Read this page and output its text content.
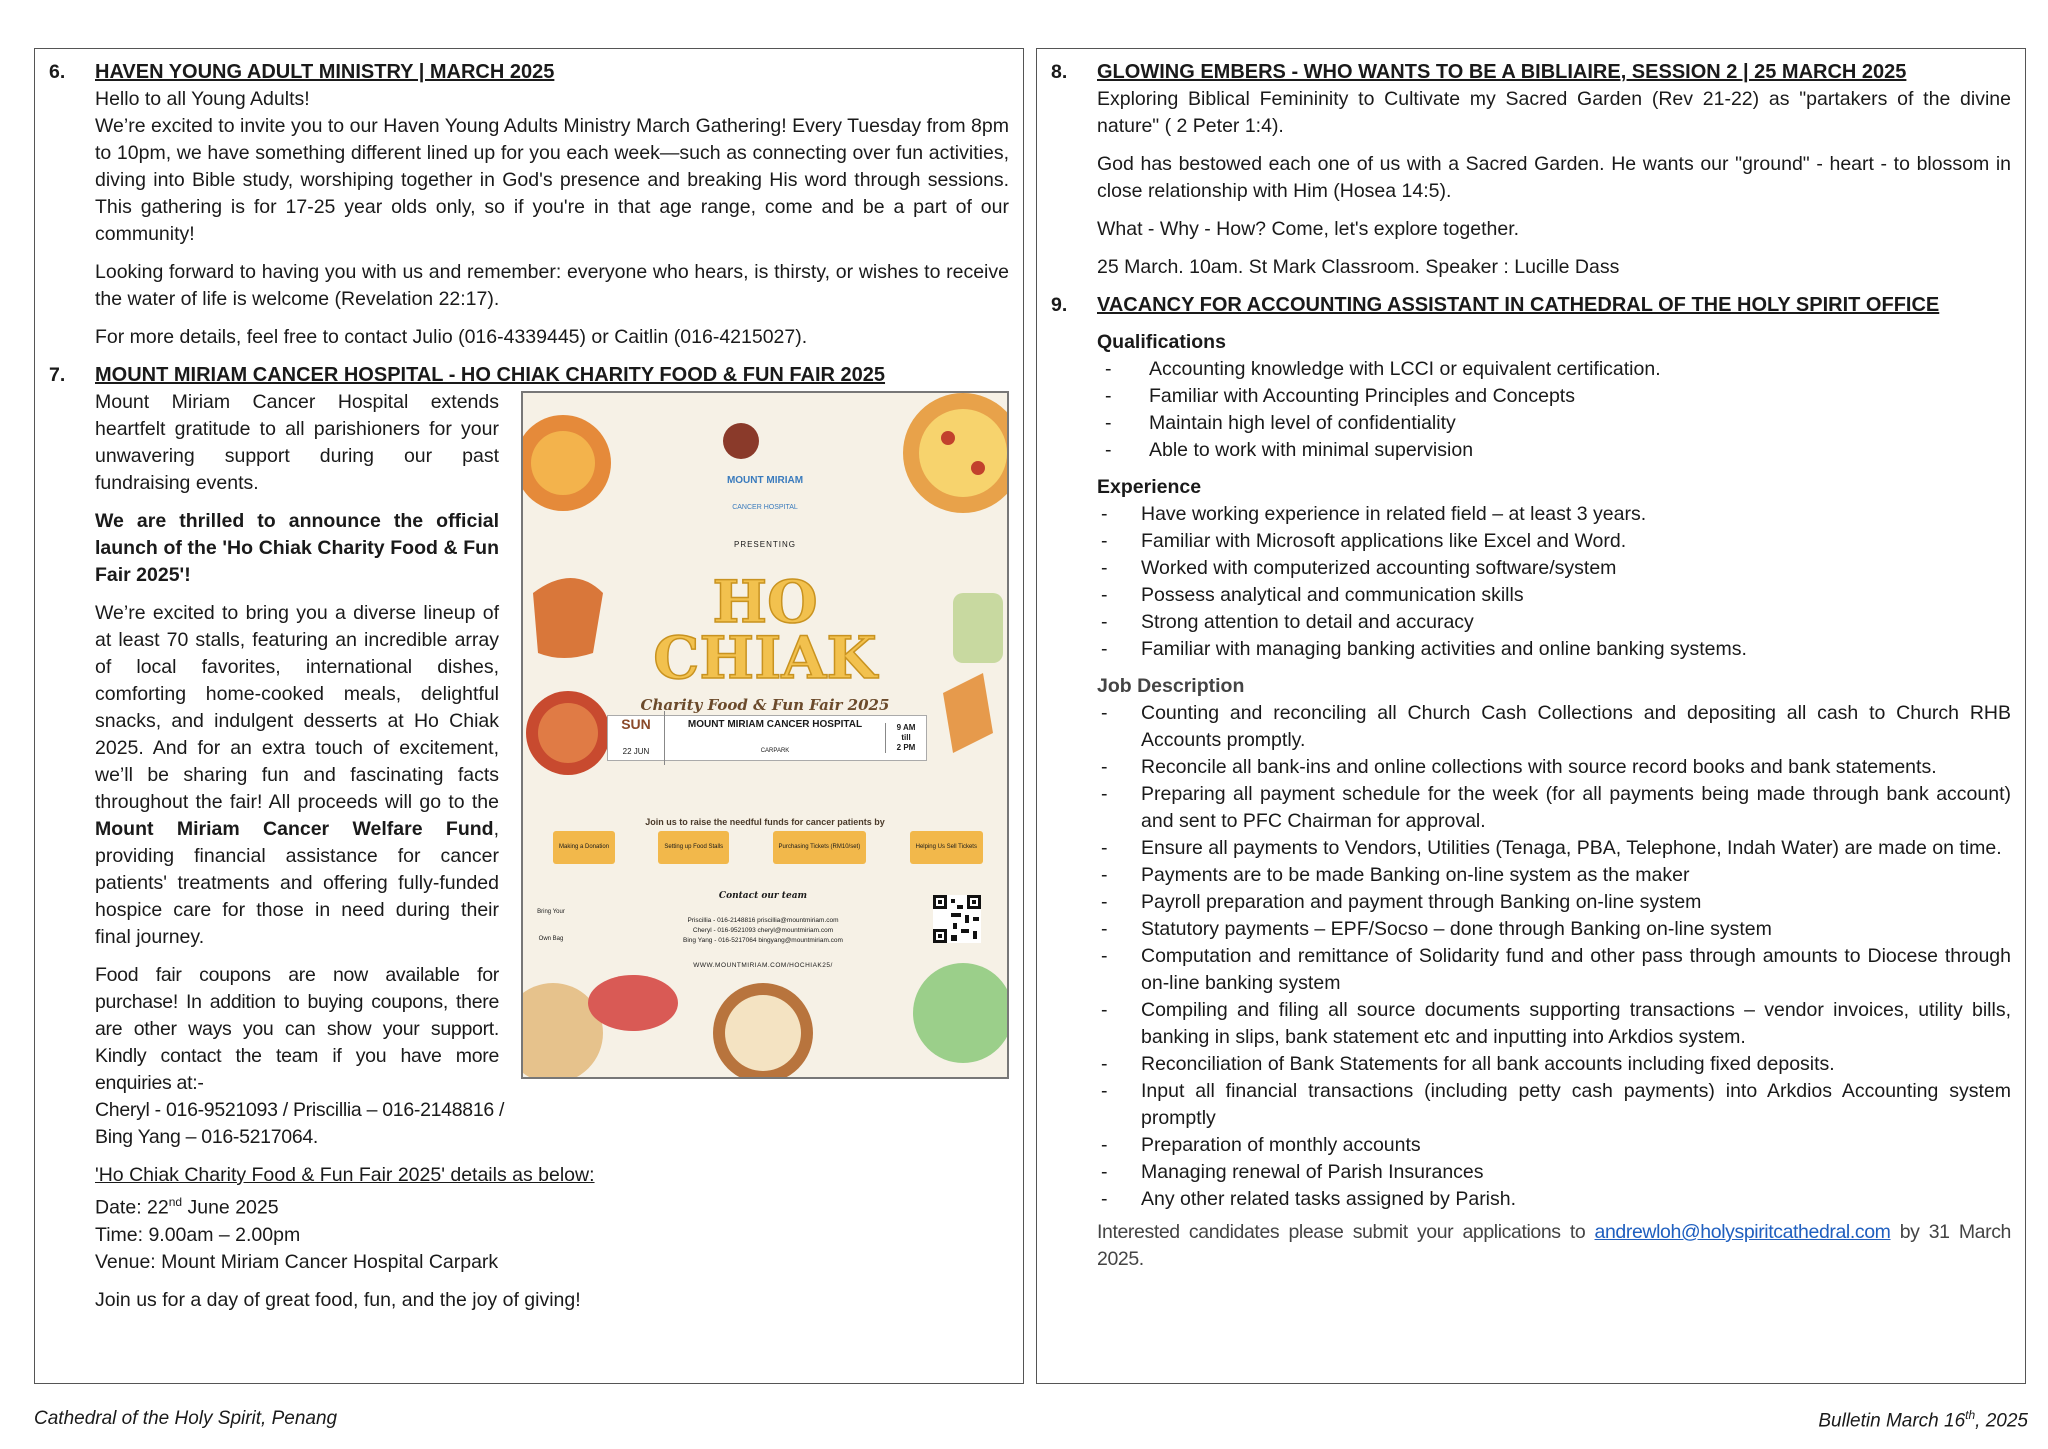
6. HAVEN YOUNG ADULT MINISTRY | MARCH 2025

Hello to all Young Adults!

We’re excited to invite you to our Haven Young Adults Ministry March Gathering! Every Tuesday from 8pm to 10pm, we have something different lined up for you each week—such as connecting over fun activities, diving into Bible study, worshiping together in God's presence and breaking His word through sessions. This gathering is for 17-25 year olds only, so if you're in that age range, come and be a part of our community!

Looking forward to having you with us and remember: everyone who hears, is thirsty, or wishes to receive the water of life is welcome (Revelation 22:17).

For more details, feel free to contact Julio (016-4339445) or Caitlin (016-4215027).

7. MOUNT MIRIAM CANCER HOSPITAL - HO CHIAK CHARITY FOOD & FUN FAIR 2025
MOUNT MIRIAM
CANCER HOSPITAL
PRESENTING
HO
CHIAK
Charity Food & Fun Fair 2025
SUN
22 JUN
MOUNT MIRIAM CANCER HOSPITAL
CARPARK
9 AM
till
2 PM
Join us to raise the needful funds for cancer patients by
Making a Donation	Setting up Food Stalls	Purchasing Tickets (RM10/set)	Helping Us Sell Tickets
Contact our team
Priscillia - 016-2148816 priscillia@mountmiriam.com
Cheryl - 016-9521093 cheryl@mountmiriam.com
Bing Yang - 016-5217064 bingyang@mountmiriam.com
WWW.MOUNTMIRIAM.COM/HOCHIAK25/
Bring Your Own Bag

Mount Miriam Cancer Hospital extends heartfelt gratitude to all parishioners for your unwavering support during our past fundraising events.

We are thrilled to announce the official launch of the 'Ho Chiak Charity Food & Fun Fair 2025'!

We’re excited to bring you a diverse lineup of at least 70 stalls, featuring an incredible array of local favorites, international dishes, comforting home-cooked meals, delightful snacks, and indulgent desserts at Ho Chiak 2025. And for an extra touch of excitement, we’ll be sharing fun and fascinating facts throughout the fair! All proceeds will go to the Mount Miriam Cancer Welfare Fund, providing financial assistance for cancer patients' treatments and offering fully-funded hospice care for those in need during their final journey.

Food fair coupons are now available for purchase! In addition to buying coupons, there are other ways you can show your support. Kindly contact the team if you have more enquiries at:-

Cheryl - 016-9521093 / Priscillia – 016-2148816 /

Bing Yang – 016-5217064.

'Ho Chiak Charity Food & Fun Fair 2025' details as below:

Date: 22nd June 2025

Time: 9.00am – 2.00pm

Venue: Mount Miriam Cancer Hospital Carpark

Join us for a day of great food, fun, and the joy of giving!

8. GLOWING EMBERS - WHO WANTS TO BE A BIBLIAIRE, SESSION 2 | 25 MARCH 2025

Exploring Biblical Femininity to Cultivate my Sacred Garden (Rev 21-22) as "partakers of the divine nature" ( 2 Peter 1:4).

God has bestowed each one of us with a Sacred Garden. He wants our "ground" - heart - to blossom in close relationship with Him (Hosea 14:5).

What - Why - How? Come, let's explore together.

25 March. 10am. St Mark Classroom. Speaker : Lucille Dass

9. VACANCY FOR ACCOUNTING ASSISTANT IN CATHEDRAL OF THE HOLY SPIRIT OFFICE
Qualifications
- Accounting knowledge with LCCI or equivalent certification.
- Familiar with Accounting Principles and Concepts
- Maintain high level of confidentiality
- Able to work with minimal supervision
Experience
- Have working experience in related field – at least 3 years.
- Familiar with Microsoft applications like Excel and Word.
- Worked with computerized accounting software/system
- Possess analytical and communication skills
- Strong attention to detail and accuracy
- Familiar with managing banking activities and online banking systems.
Job Description
- Counting and reconciling all Church Cash Collections and depositing all cash to Church RHB Accounts promptly.
- Reconcile all bank-ins and online collections with source record books and bank statements.
- Preparing all payment schedule for the week (for all payments being made through bank account) and sent to PFC Chairman for approval.
- Ensure all payments to Vendors, Utilities (Tenaga, PBA, Telephone, Indah Water) are made on time.
- Payments are to be made Banking on-line system as the maker
- Payroll preparation and payment through Banking on-line system
- Statutory payments – EPF/Socso – done through Banking on-line system
- Computation and remittance of Solidarity fund and other pass through amounts to Diocese through on-line banking system
- Compiling and filing all source documents supporting transactions – vendor invoices, utility bills, banking in slips, bank statement etc and inputting into Arkdios system.
- Reconciliation of Bank Statements for all bank accounts including fixed deposits.
- Input all financial transactions (including petty cash payments) into Arkdios Accounting system promptly
- Preparation of monthly accounts
- Managing renewal of Parish Insurances
- Any other related tasks assigned by Parish.

Interested candidates please submit your applications to andrewloh@holyspiritcathedral.com by 31 March 2025.

Cathedral of the Holy Spirit, Penang	Bulletin March 16th, 2025
